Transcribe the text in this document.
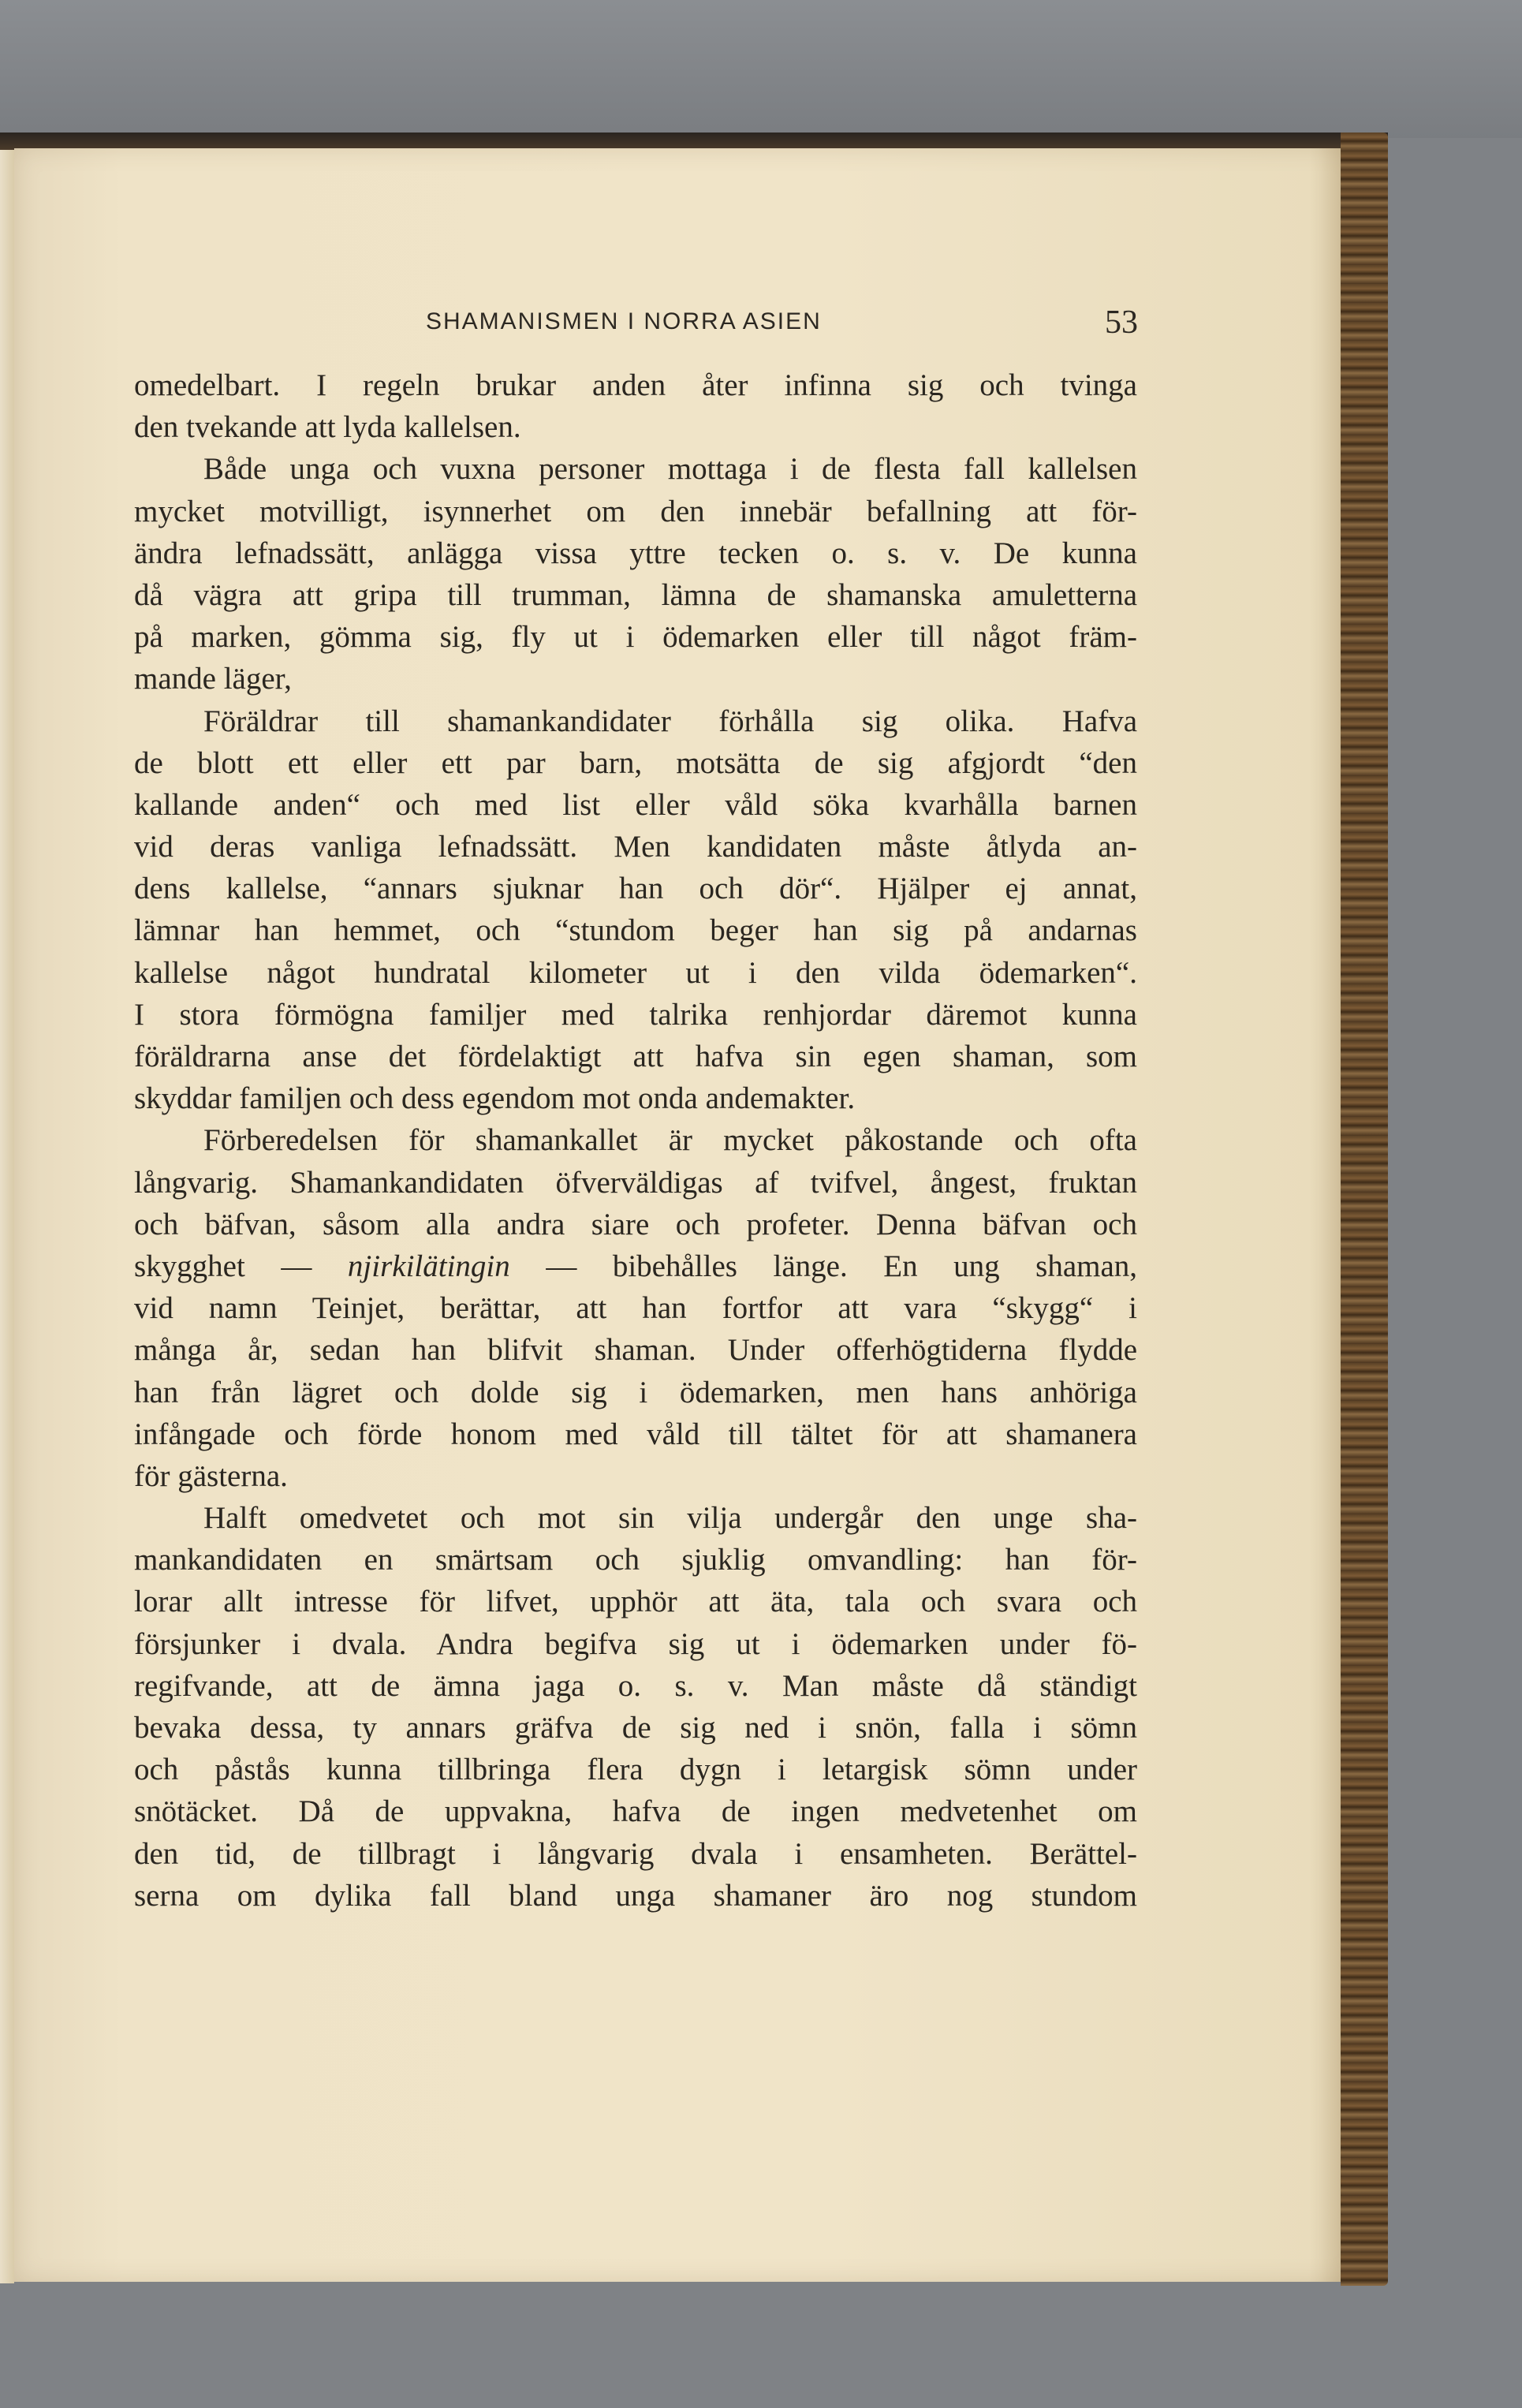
SHAMANISMEN I NORRA ASIEN	53
omedelbart. I regeln brukar anden åter infinna sig och tvinga
den tvekande att lyda kallelsen.
Både unga och vuxna personer mottaga i de flesta fall kallelsen
mycket motvilligt, isynnerhet om den innebär befallning att för-
ändra lefnadssätt, anlägga vissa yttre tecken o. s. v. De kunna
då vägra att gripa till trumman, lämna de shamanska amuletterna
på marken, gömma sig, fly ut i ödemarken eller till något främ-
mande läger,
Föräldrar till shamankandidater förhålla sig olika. Hafva
de blott ett eller ett par barn, motsätta de sig afgjordt “den
kallande anden“ och med list eller våld söka kvarhålla barnen
vid deras vanliga lefnadssätt. Men kandidaten måste åtlyda an-
dens kallelse, “annars sjuknar han och dör“. Hjälper ej annat,
lämnar han hemmet, och “stundom beger han sig på andarnas
kallelse något hundratal kilometer ut i den vilda ödemarken“.
I stora förmögna familjer med talrika renhjordar däremot kunna
föräldrarna anse det fördelaktigt att hafva sin egen shaman, som
skyddar familjen och dess egendom mot onda andemakter.
Förberedelsen för shamankallet är mycket påkostande och ofta
långvarig. Shamankandidaten öfverväldigas af tvifvel, ångest, fruktan
och bäfvan, såsom alla andra siare och profeter. Denna bäfvan och
skygghet — njirkilätingin — bibehålles länge. En ung shaman,
vid namn Teinjet, berättar, att han fortfor att vara “skygg“ i
många år, sedan han blifvit shaman. Under offerhögtiderna flydde
han från lägret och dolde sig i ödemarken, men hans anhöriga
infångade och förde honom med våld till tältet för att shamanera
för gästerna.
Halft omedvetet och mot sin vilja undergår den unge sha-
mankandidaten en smärtsam och sjuklig omvandling: han för-
lorar allt intresse för lifvet, upphör att äta, tala och svara och
försjunker i dvala. Andra begifva sig ut i ödemarken under fö-
regifvande, att de ämna jaga o. s. v. Man måste då ständigt
bevaka dessa, ty annars gräfva de sig ned i snön, falla i sömn
och påstås kunna tillbringa flera dygn i letargisk sömn under
snötäcket. Då de uppvakna, hafva de ingen medvetenhet om
den tid, de tillbragt i långvarig dvala i ensamheten. Berättel-
serna om dylika fall bland unga shamaner äro nog stundom
